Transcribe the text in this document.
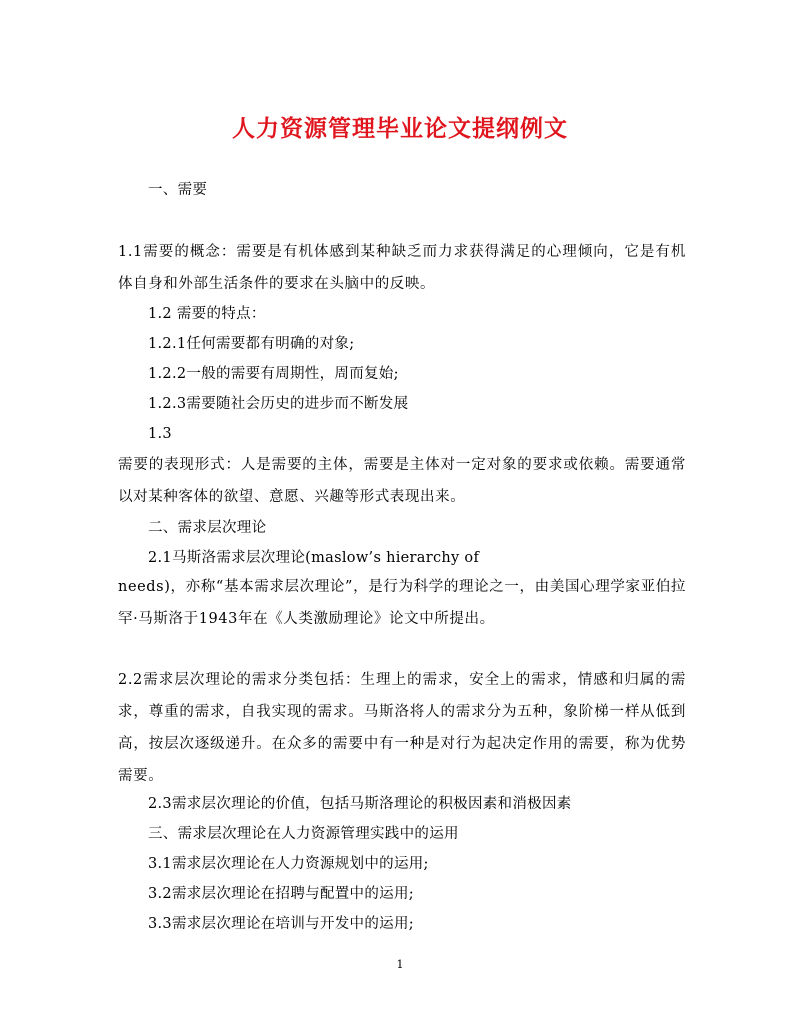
人力资源管理毕业论文提纲例文
一、需要
1.1需要的概念：需要是有机体感到某种缺乏而力求获得满足的心理倾向，它是有机体自身和外部生活条件的要求在头脑中的反映。
1.2 需要的特点：
1.2.1任何需要都有明确的对象;
1.2.2一般的需要有周期性，周而复始;
1.2.3需要随社会历史的进步而不断发展
1.3
需要的表现形式：人是需要的主体，需要是主体对一定对象的要求或依赖。需要通常以对某种客体的欲望、意愿、兴趣等形式表现出来。
二、需求层次理论
2.1马斯洛需求层次理论(maslow’s hierarchy of
needs)，亦称“基本需求层次理论”，是行为科学的理论之一，由美国心理学家亚伯拉罕·马斯洛于1943年在《人类激励理论》论文中所提出。
2.2需求层次理论的需求分类包括：生理上的需求，安全上的需求，情感和归属的需求，尊重的需求，自我实现的需求。马斯洛将人的需求分为五种，象阶梯一样从低到高，按层次逐级递升。在众多的需要中有一种是对行为起决定作用的需要，称为优势需要。
2.3需求层次理论的价值，包括马斯洛理论的积极因素和消极因素
三、需求层次理论在人力资源管理实践中的运用
3.1需求层次理论在人力资源规划中的运用;
3.2需求层次理论在招聘与配置中的运用;
3.3需求层次理论在培训与开发中的运用;
1
